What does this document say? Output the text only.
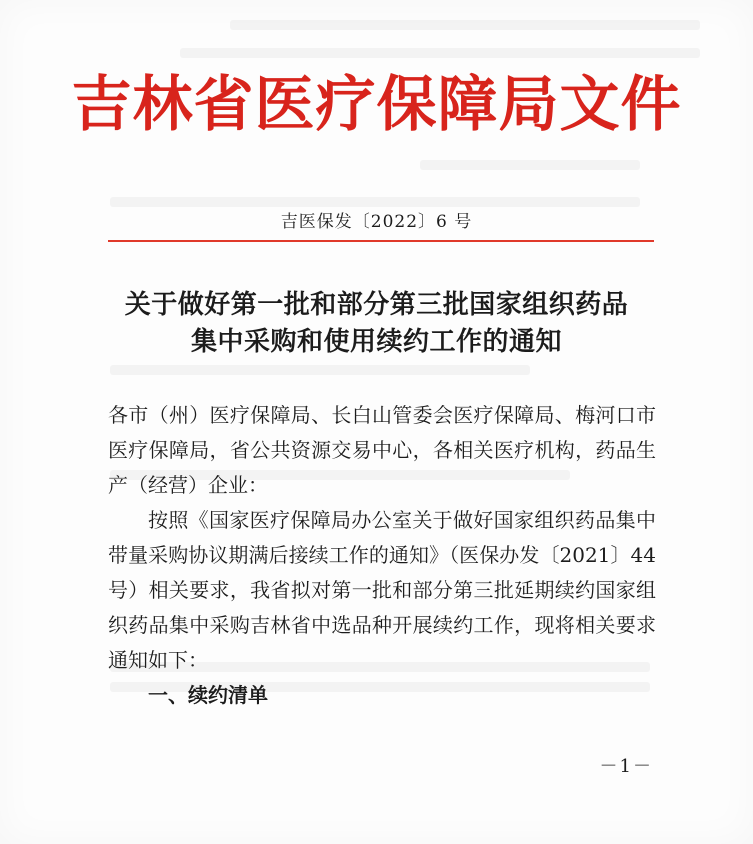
吉林省医疗保障局文件
吉医保发〔2022〕6 号
关于做好第一批和部分第三批国家组织药品
集中采购和使用续约工作的通知

各市（州）医疗保障局、长白山管委会医疗保障局、梅河口市医疗保障局，省公共资源交易中心，各相关医疗机构，药品生产（经营）企业：

按照《国家医疗保障局办公室关于做好国家组织药品集中带量采购协议期满后接续工作的通知》（医保办发〔2021〕44 号）相关要求，我省拟对第一批和部分第三批延期续约国家组织药品集中采购吉林省中选品种开展续约工作，现将相关要求通知如下：

一、续约清单

－1－
